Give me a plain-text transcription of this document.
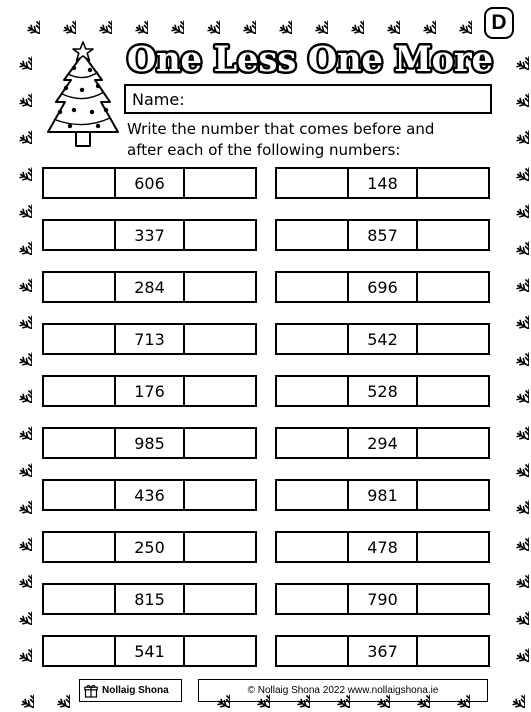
D
One Less One More
Name:
Write the number that comes before and
after each of the following numbers:
606
337
284
713
176
985
436
250
815
541
148
857
696
542
528
294
981
478
790
367
Nollaig Shona	© Nollaig Shona 2022 www.nollaigshona.ie
